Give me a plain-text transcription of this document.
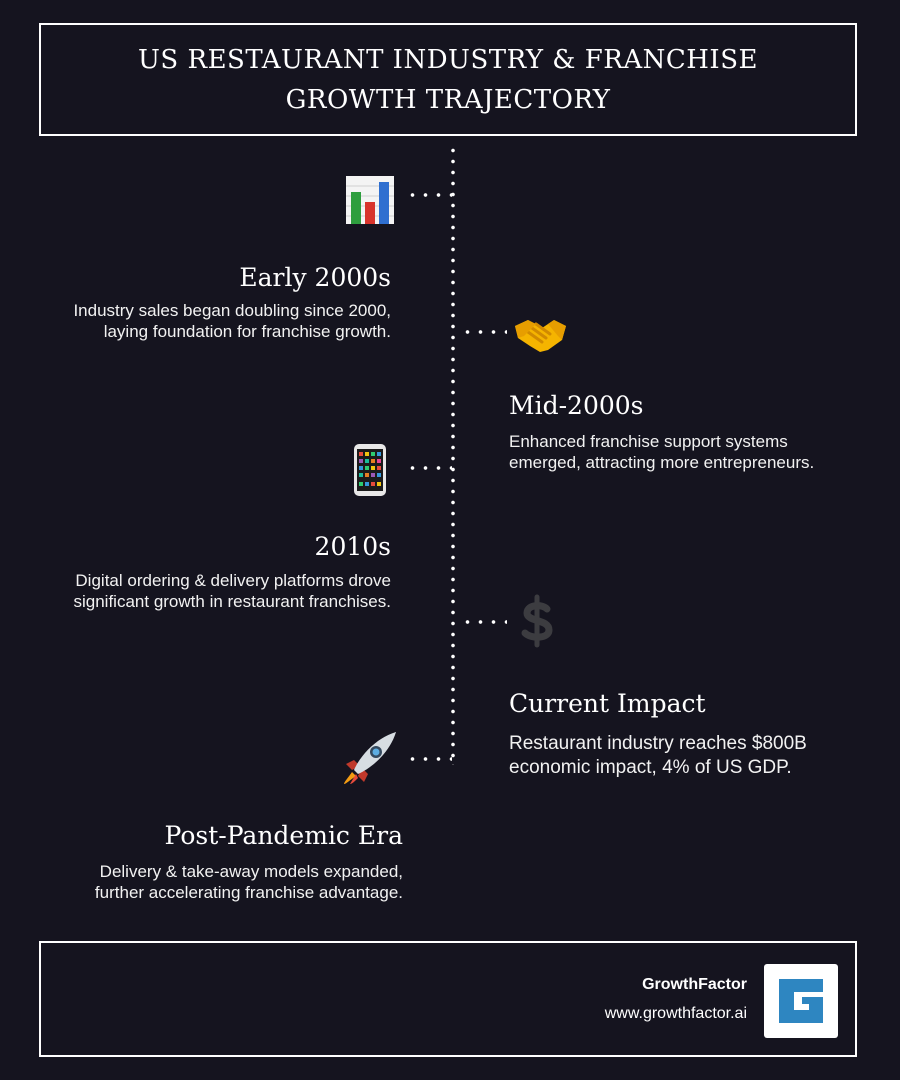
US RESTAURANT INDUSTRY & FRANCHISE GROWTH TRAJECTORY
Early 2000s
Industry sales began doubling since 2000,
laying foundation for franchise growth.
Mid-2000s
Enhanced franchise support systems
emerged, attracting more entrepreneurs.
2010s
Digital ordering & delivery platforms drove
significant growth in restaurant franchises.
Current Impact
Restaurant industry reaches $800B
economic impact, 4% of US GDP.
Post-Pandemic Era
Delivery & take-away models expanded,
further accelerating franchise advantage.
GrowthFactor
www.growthfactor.ai
